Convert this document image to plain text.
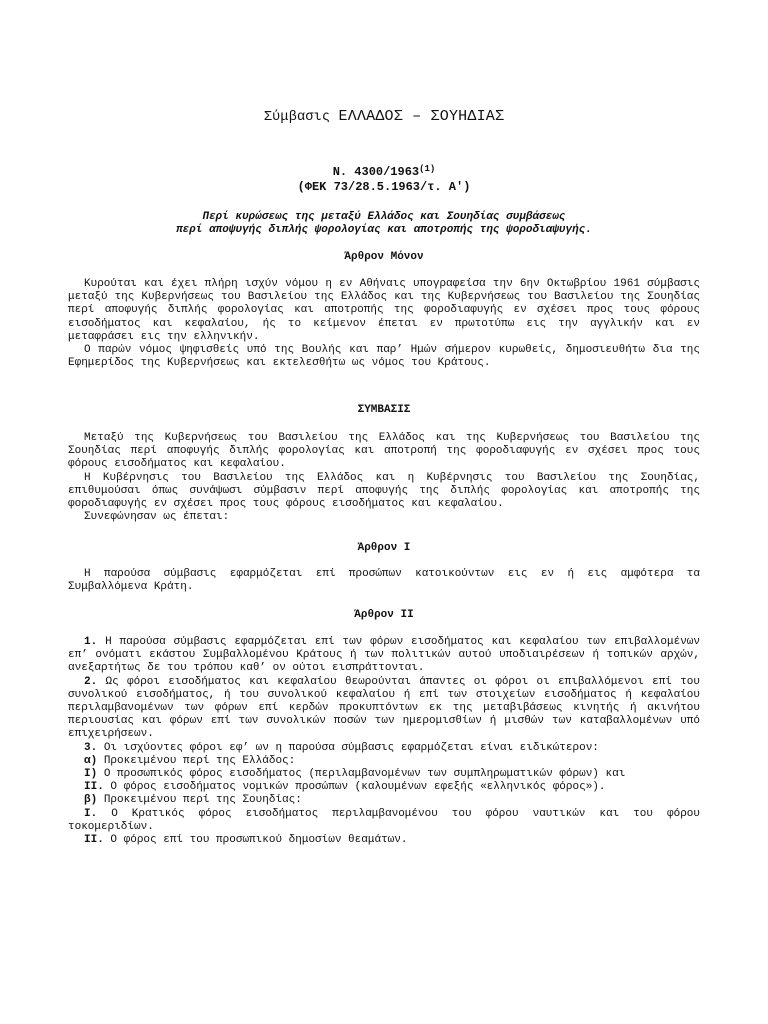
Σύμβασις ΕΛΛΑΔΟΣ – ΣΟΥΗΔΙΑΣ
Ν. 4300/1963$^{(1)}$
(ΦΕΚ 73/28.5.1963/τ. Α')
Περί κυρώσεως της μεταξύ Ελλάδος και Σουηδίας συμβάσεως
περί αποψυγής διπλής ψορολογίας και αποτροπής της ψοροδιαψυγής.
Άρθρον Μόνον

Κυρούται και έχει πλήρη ισχύν νόμου η εν Αθήναις υπογραφείσα την 6ην Οκτωβρίου 1961 σύμβασις μεταξύ της Κυβερνήσεως του Βασιλείου της Ελλάδος και της Κυβερνήσεως του Βασιλείου της Σουηδίας περί αποφυγής διπλής φορολογίας και αποτροπής της φοροδιαφυγής εν σχέσει προς τους φόρους εισοδήματος και κεφαλαίου, ής το κείμενον έπεται εν πρωτοτύπω εις την αγγλικήν και εν μεταφράσει εις την ελληνικήν.

Ο παρών νόμος ψηφισθείς υπό της Βουλής και παρ’ Ημών σήμερον κυρωθείς, δημοσιευθήτω δια της Εφημερίδος της Κυβερνήσεως και εκτελεσθήτω ως νόμος του Κράτους.

ΣΥΜΒΑΣΙΣ

Μεταξύ της Κυβερνήσεως του Βασιλείου της Ελλάδος και της Κυβερνήσεως του Βασιλείου της Σουηδίας περί αποφυγής διπλής φορολογίας και αποτροπή της φοροδιαφυγής εν σχέσει προς τους φόρους εισοδήματος και κεφαλαίου.

Η Κυβέρνησις του Βασιλείου της Ελλάδος και η Κυβέρνησις του Βασιλείου της Σουηδίας, επιθυμούσαι όπως συνάψωσι σύμβασιν περί αποφυγής της διπλής φορολογίας και αποτροπής της φοροδιαφυγής εν σχέσει προς τους φόρους εισοδήματος και κεφαλαίου.

Συνεφώνησαν ως έπεται:

Άρθρον Ι

Η παρούσα σύμβασις εφαρμόζεται επί προσώπων κατοικούντων εις εν ή εις αμφότερα τα Συμβαλλόμενα Κράτη.

Άρθρον ΙΙ

1. Η παρούσα σύμβασις εφαρμόζεται επί των φόρων εισοδήματος και κεφαλαίου των επιβαλλομένων επ’ ονόματι εκάστου Συμβαλλομένου Κράτους ή των πολιτικών αυτού υποδιαιρέσεων ή τοπικών αρχών, ανεξαρτήτως δε του τρόπου καθ’ ον ούτοι εισπράττονται.

2. Ως φόροι εισοδήματος και κεφαλαίου θεωρούνται άπαντες οι φόροι οι επιβαλλόμενοι επί του συνολικού εισοδήματος, ή του συνολικού κεφαλαίου ή επί των στοιχείων εισοδήματος ή κεφαλαίου περιλαμβανομένων των φόρων επί κερδών προκυπτόντων εκ της μεταβιβάσεως κινητής ή ακινήτου περιουσίας και φόρων επί των συνολικών ποσών των ημερομισθίων ή μισθών των καταβαλλομένων υπό επιχειρήσεων.

3. Οι ισχύοντες φόροι εφ’ ων η παρούσα σύμβασις εφαρμόζεται είναι ειδικώτερον:

α) Προκειμένου περί της Ελλάδος:

Ι) Ο προσωπικός φόρος εισοδήματος (περιλαμβανομένων των συμπληρωματικών φόρων) και

ΙΙ. Ο φόρος εισοδήματος νομικών προσώπων (καλουμένων εφεξής «ελληνικός φόρος»).

β) Προκειμένου περί της Σουηδίας:

Ι. Ο Κρατικός φόρος εισοδήματος περιλαμβανομένου του φόρου ναυτικών και του φόρου τοκομεριδίων.

ΙΙ. Ο φόρος επί του προσωπικού δημοσίων θεαμάτων.
